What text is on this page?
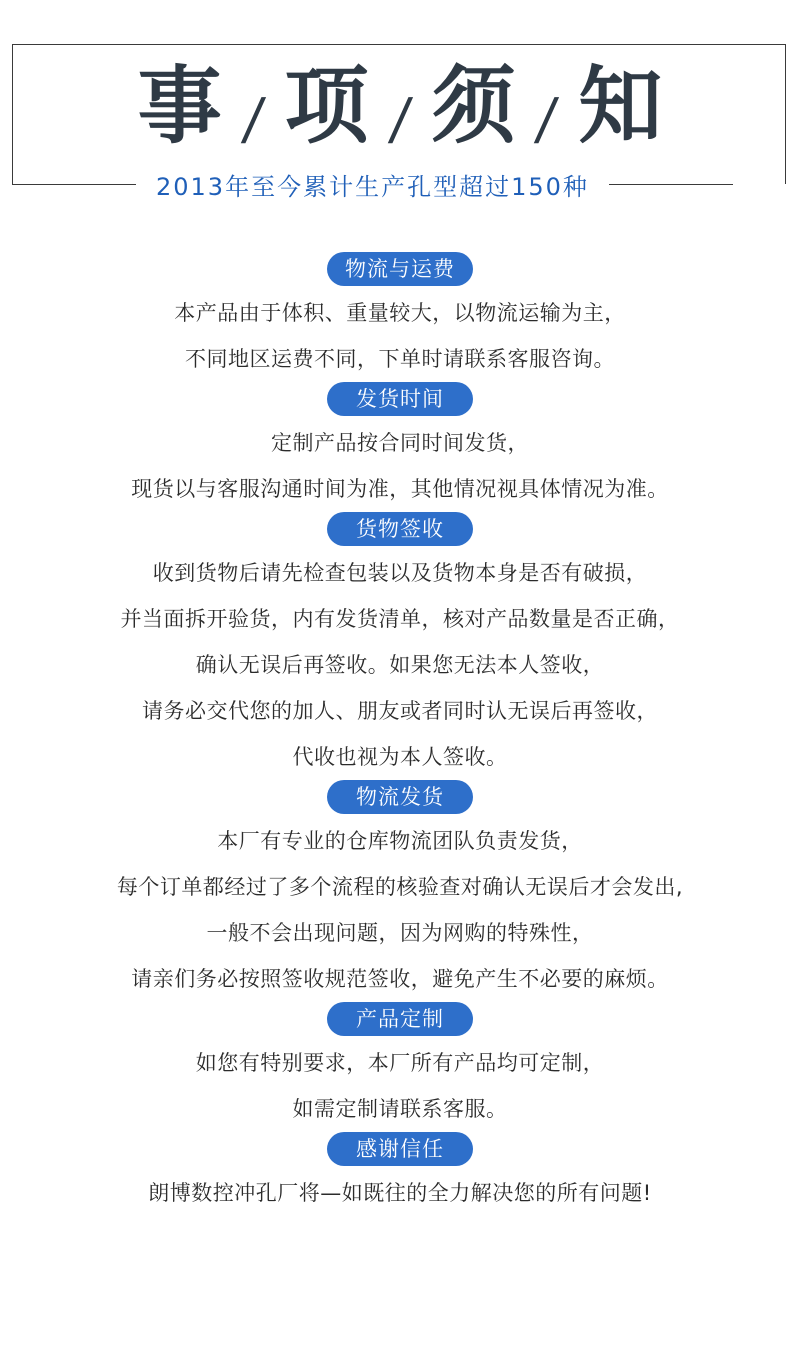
事 / 项 / 须 / 知
2013年至今累计生产孔型超过150种
物流与运费
本产品由于体积、重量较大，以物流运输为主，
不同地区运费不同，下单时请联系客服咨询。
发货时间
定制产品按合同时间发货，
现货以与客服沟通时间为准，其他情况视具体情况为准。
货物签收
收到货物后请先检查包装以及货物本身是否有破损，
并当面拆开验货，内有发货清单，核对产品数量是否正确，
确认无误后再签收。如果您无法本人签收，
请务必交代您的加人、朋友或者同时认无误后再签收，
代收也视为本人签收。
物流发货
本厂有专业的仓库物流团队负责发货，
每个订单都经过了多个流程的核验查对确认无误后才会发出,
一般不会出现问题，因为网购的特殊性，
请亲们务必按照签收规范签收，避免产生不必要的麻烦。
产品定制
如您有特别要求，本厂所有产品均可定制，
如需定制请联系客服。
感谢信任
朗博数控冲孔厂将—如既往的全力解决您的所有问题!
